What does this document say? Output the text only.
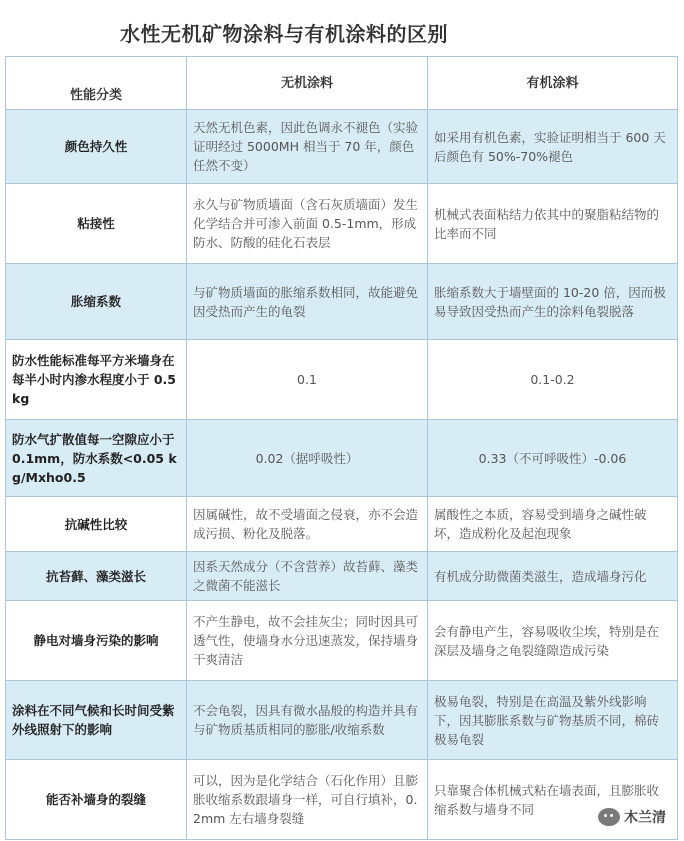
水性无机矿物涂料与有机涂料的区别
性能分类	无机涂料	有机涂料
颜色持久性	天然无机色素，因此色调永不褪色（实验证明经过 5000MH 相当于 70 年，颜色任然不变）	如采用有机色素，实验证明相当于 600 天后颜色有 50%-70%褪色
粘接性	永久与矿物质墙面（含石灰质墙面）发生化学结合并可渗入前面 0.5-1mm，形成防水、防酸的硅化石表层	机械式表面粘结力依其中的聚脂粘结物的比率而不同
胀缩系数	与矿物质墙面的胀缩系数相同，故能避免因受热而产生的龟裂	胀缩系数大于墙壁面的 10-20 倍，因而极易导致因受热而产生的涂料龟裂脱落
防水性能标准每平方米墙身在每半小时内渗水程度小于 0.5 kg	0.1	0.1-0.2
防水气扩散值每一空隙应小于 0.1mm，防水系数<0.05 kg/Mxho0.5	0.02（据呼吸性）	0.33（不可呼吸性）-0.06
抗碱性比较	因属碱性，故不受墙面之侵衰，亦不会造成污损、粉化及脱落。	属酸性之本质，容易受到墙身之碱性破坏，造成粉化及起泡现象
抗苔藓、藻类滋长	因系天然成分（不含营养）故苔藓、藻类之微菌不能滋长	有机成分助微菌类滋生，造成墙身污化
静电对墙身污染的影响	不产生静电，故不会挂灰尘；同时因具可透气性，使墙身水分迅速蒸发，保持墙身干爽清洁	会有静电产生，容易吸收尘埃，特别是在深层及墙身之龟裂缝隙造成污染
涂料在不同气候和长时间受紫外线照射下的影响	不会龟裂，因具有微水晶般的构造并具有与矿物质基质相同的膨胀/收缩系数	极易龟裂，特别是在高温及紫外线影响下，因其膨胀系数与矿物基质不同，棉砖极易龟裂
能否补墙身的裂缝	可以，因为是化学结合（石化作用）且膨胀收缩系数跟墙身一样，可自行填补，0.2mm 左右墙身裂缝	只靠聚合体机械式粘在墙表面，且膨胀收缩系数与墙身不同
木兰清
